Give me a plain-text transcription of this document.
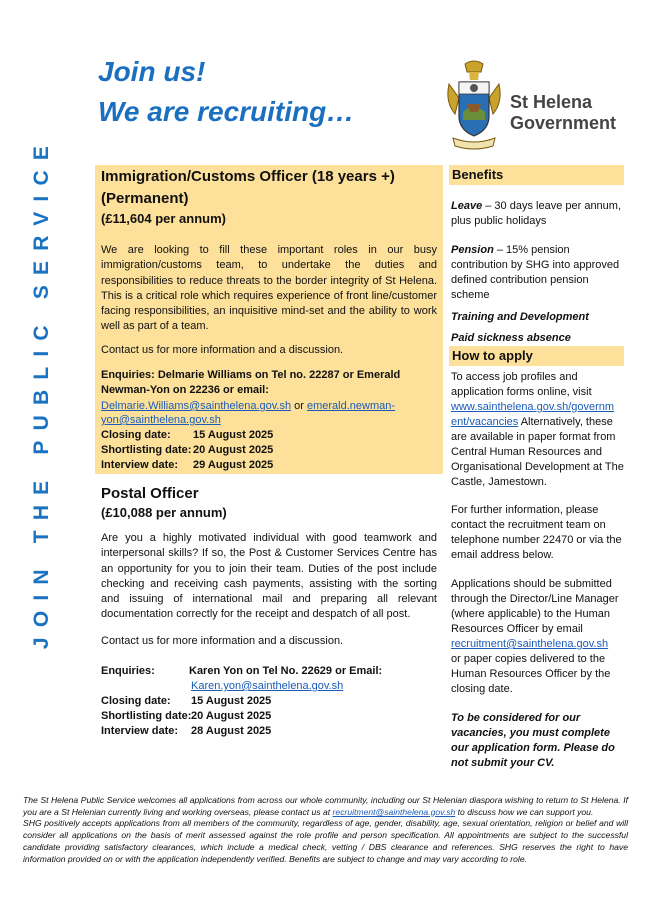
JOIN THE PUBLIC SERVICE
Join us!
We are recruiting…	St Helena
Government
Immigration/Customs Officer (18 years +)
(Permanent)
(£11,604 per annum)
We are looking to fill these important roles in our busy immigration/customs team, to undertake the duties and responsibilities to reduce threats to the border integrity of St Helena. This is a critical role which requires experience of front line/customer facing responsibilities, an inquisitive mind-set and the ability to work well as part of a team.
Contact us for more information and a discussion.
Enquiries: Delmarie Williams on Tel no. 22287 or Emerald
Newman-Yon on 22236 or email:
Delmarie.Williams@sainthelena.gov.sh or emerald.newman-
yon@sainthelena.gov.sh
Closing date: 15 August 2025
Shortlisting date: 20 August 2025
Interview date: 29 August 2025
Postal Officer
(£10,088 per annum)
Are you a highly motivated individual with good teamwork and interpersonal skills? If so, the Post & Customer Services Centre has an opportunity for you to join their team. Duties of the post include checking and receiving cash payments, assisting with the sorting and issuing of international mail and preparing all relevant documentation correctly for the receipt and despatch of all post.
Contact us for more information and a discussion.
Enquiries:	Karen Yon on Tel No. 22629 or Email:
Karen.yon@sainthelena.gov.sh
Closing date: 15 August 2025
Shortlisting date:20 August 2025
Interview date: 28 August 2025
Benefits
Leave – 30 days leave per annum, plus public holidays
Pension – 15% pension contribution by SHG into approved defined contribution pension scheme
Training and Development
Paid sickness absence
How to apply
To access job profiles and application forms online, visit
www.sainthelena.gov.sh/governm
ent/vacancies Alternatively, these are available in paper format from Central Human Resources and Organisational Development at The Castle, Jamestown.
For further information, please contact the recruitment team on telephone number 22470 or via the email address below.
Applications should be submitted through the Director/Line Manager (where applicable) to the Human Resources Officer by email
recruitment@sainthelena.gov.sh
or paper copies delivered to the Human Resources Officer by the closing date.
To be considered for our vacancies, you must complete our application form. Please do not submit your CV.
The St Helena Public Service welcomes all applications from across our whole community, including our St Helenian diaspora wishing to return to St Helena. If you are a St Helenian currently living and working overseas, please contact us at recruitment@sainthelena.gov.sh to discuss how we can support you.
SHG positively accepts applications from all members of the community, regardless of age, gender, disability, age, sexual orientation, religion or belief and will consider all applications on the basis of merit assessed against the role profile and person specification. All appointments are subject to the successful candidate providing satisfactory clearances, which include a medical check, vetting / DBS clearance and references. SHG reserves the right to have information provided on or with the application independently verified. Benefits are subject to change and may vary according to role.
